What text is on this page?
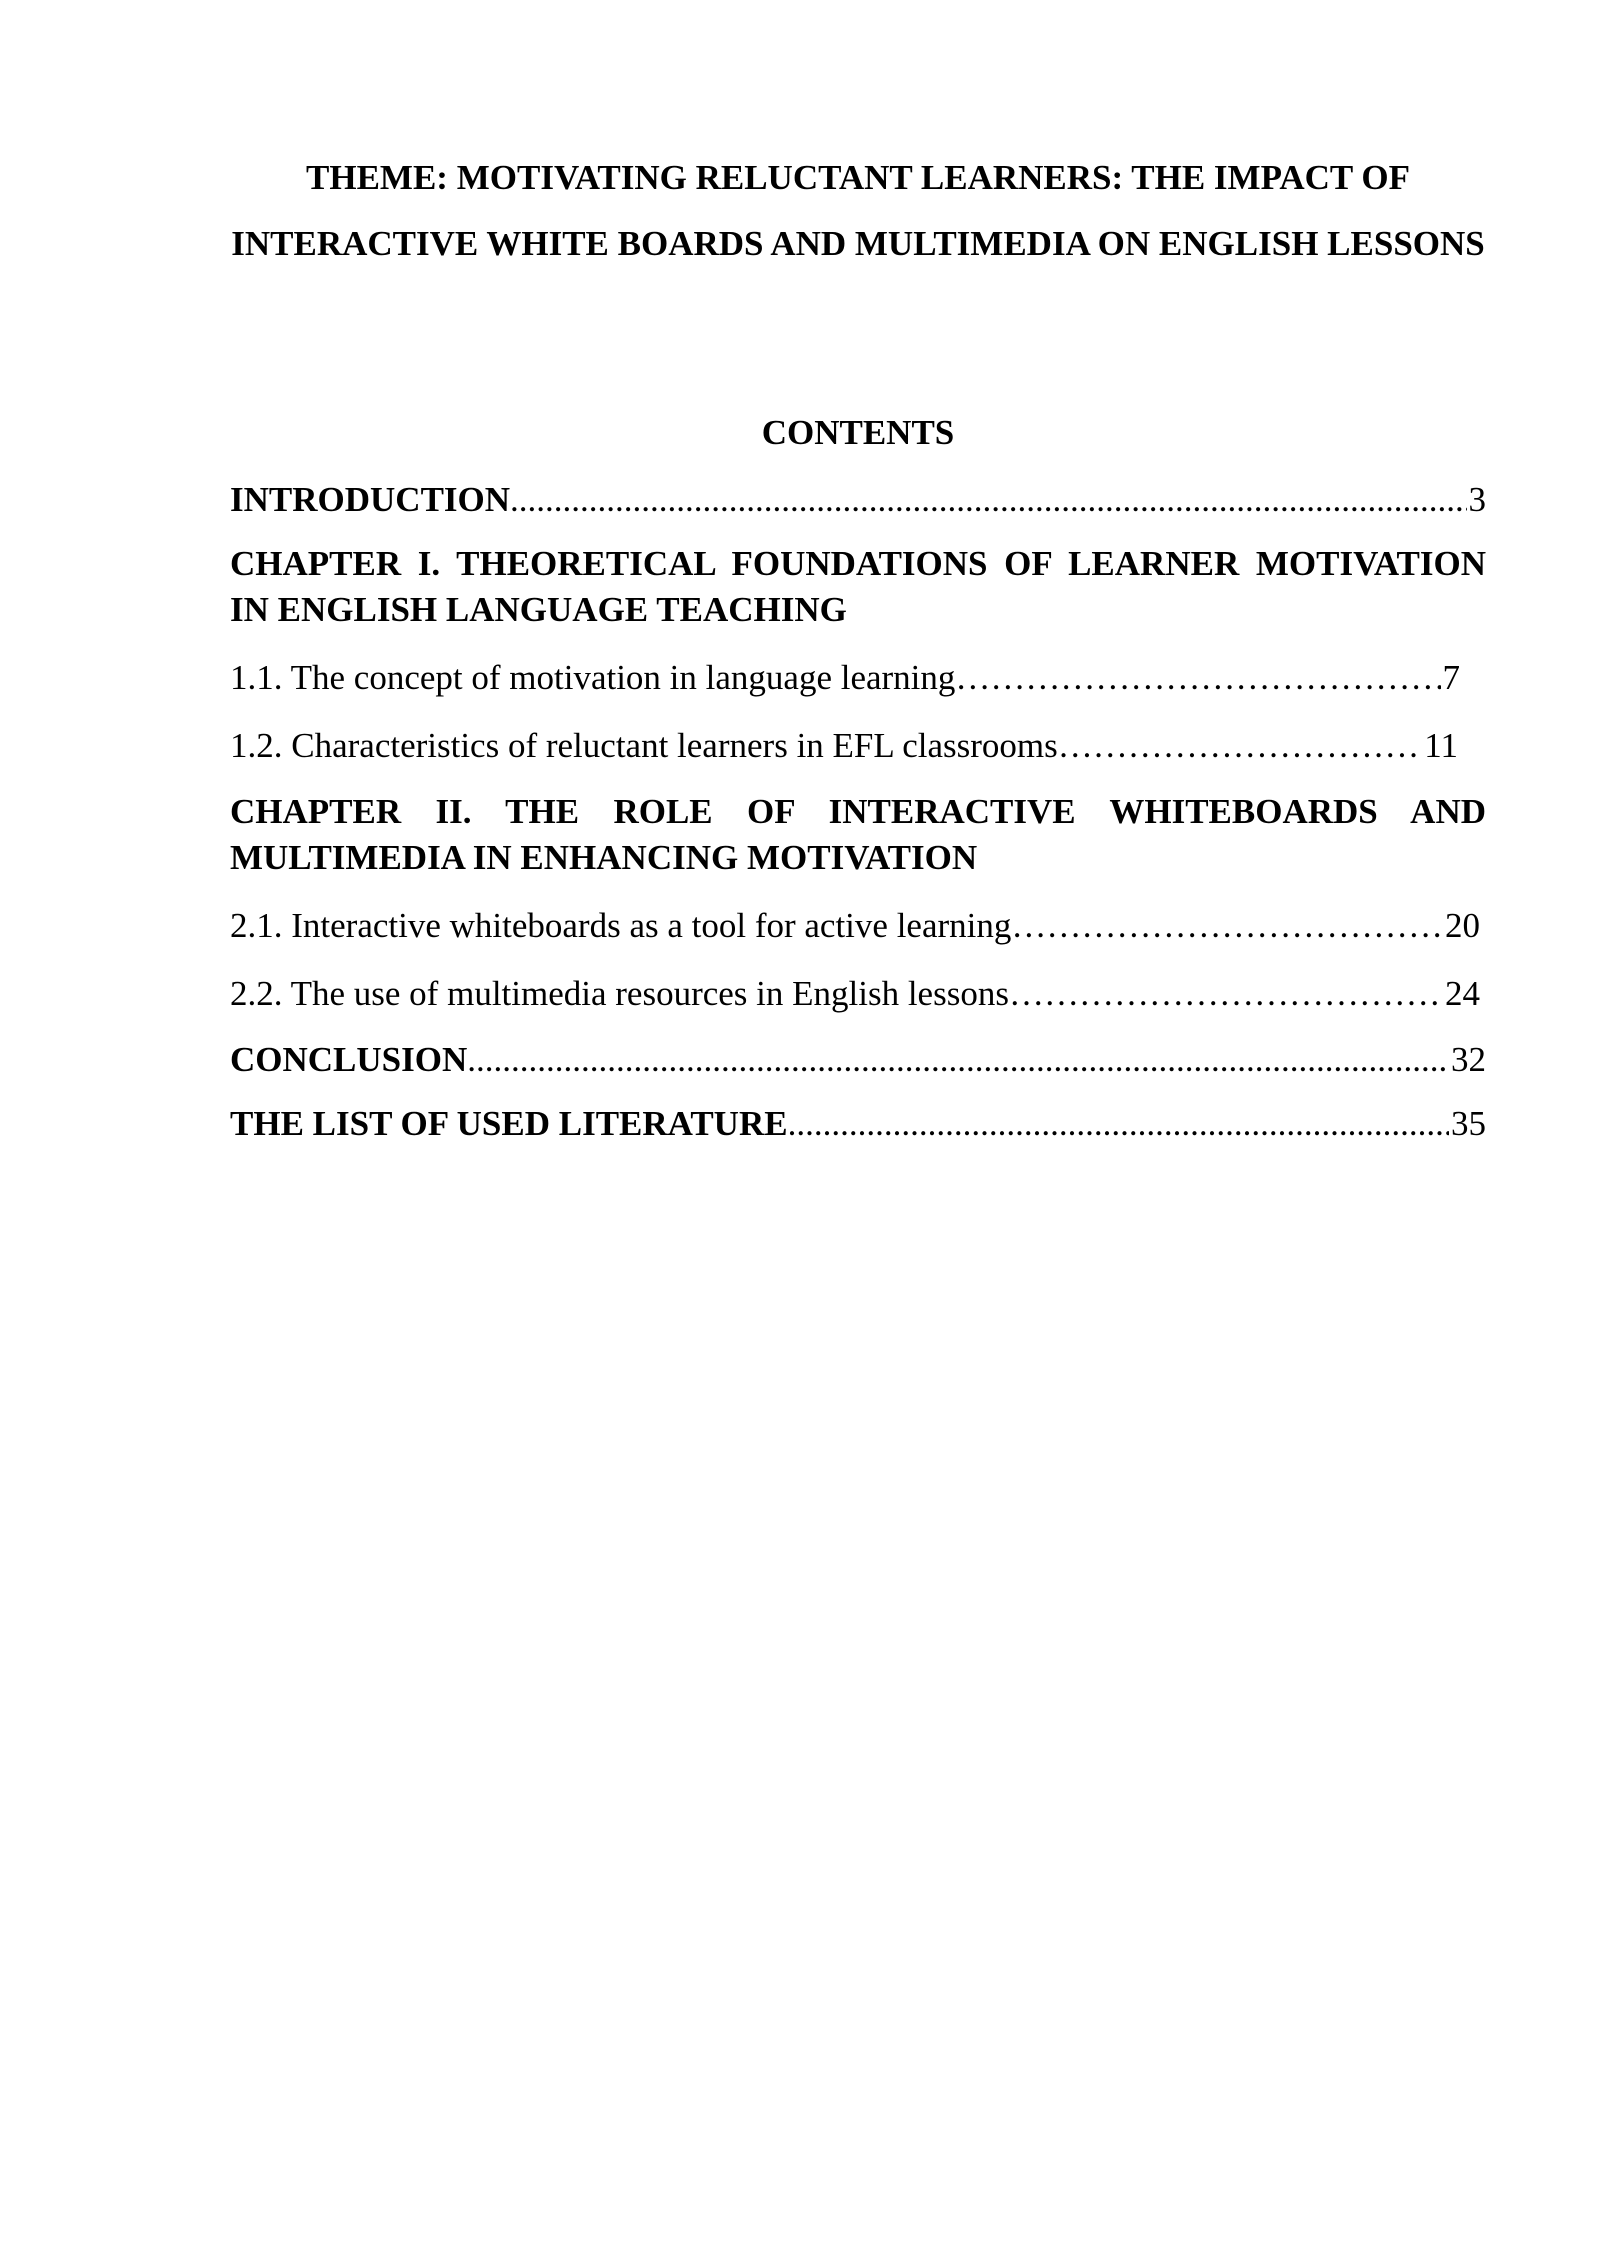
THEME: MOTIVATING RELUCTANT LEARNERS: THE IMPACT OF INTERACTIVE WHITE BOARDS AND MULTIMEDIA ON ENGLISH LESSONS
CONTENTS
INTRODUCTION .....	3
CHAPTER I. THEORETICAL FOUNDATIONS OF LEARNER MOTIVATION IN ENGLISH LANGUAGE TEACHING
1.1. The concept of motivation in language learning ………………………………………………………………………………………………………………………………………………………………………………	7
1.2. Characteristics of reluctant learners in EFL classrooms ………………………………………………………………………………………………………………………………………………………………………………	11
CHAPTER II. THE ROLE OF INTERACTIVE WHITEBOARDS AND MULTIMEDIA IN ENHANCING MOTIVATION
2.1. Interactive whiteboards as a tool for active learning ………………………………………………………………………………………………………………………………………………………………………………	20
2.2. The use of multimedia resources in English lessons ………………………………………………………………………………………………………………………………………………………………………………	24
CONCLUSION .....	32
THE LIST OF USED LITERATURE .....	35
